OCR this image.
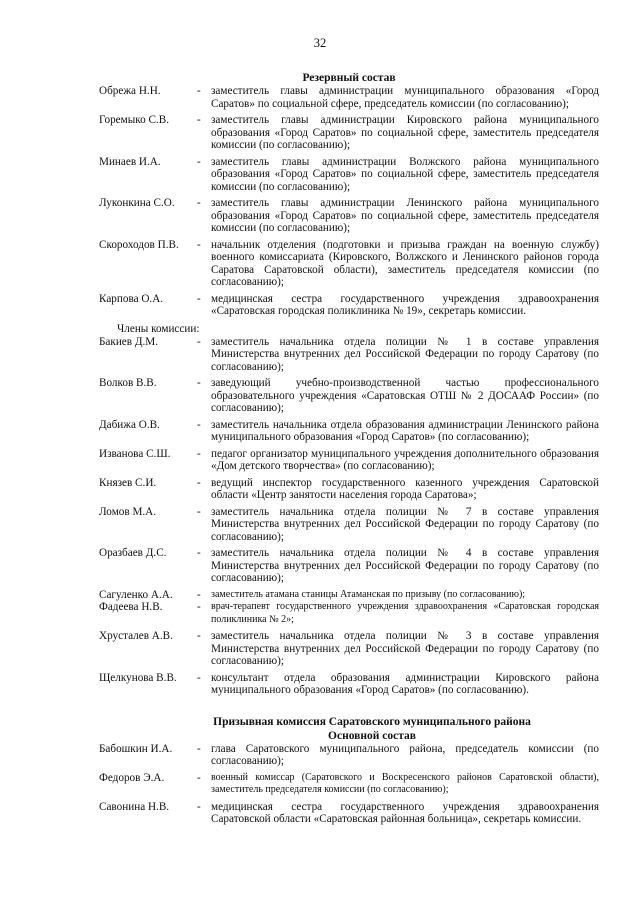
32
Резервный состав
Обрежа Н.Н.	- заместитель главы администрации муниципального образования «Город Саратов» по социальной сфере, председатель комиссии (по согласованию);
Горемыко С.В.	- заместитель главы администрации Кировского района муниципального образования «Город Саратов» по социальной сфере, заместитель председателя комиссии (по согласованию);
Минаев И.А.	- заместитель главы администрации Волжского района муниципального образования «Город Саратов» по социальной сфере, заместитель председателя комиссии (по согласованию);
Луконкина С.О.	- заместитель главы администрации Ленинского района муниципального образования «Город Саратов» по социальной сфере, заместитель председателя комиссии (по согласованию);
Скороходов П.В.	- начальник отделения (подготовки и призыва граждан на военную службу) военного комиссариата (Кировского, Волжского и Ленинского районов города Саратова Саратовской области), заместитель председателя комиссии (по согласованию);
Карпова О.А.	- медицинская сестра государственного учреждения здравоохранения «Саратовская городская поликлиника № 19», секретарь комиссии.
Члены комиссии:
Бакиев Д.М.	- заместитель начальника отдела полиции № 1 в составе управления Министерства внутренних дел Российской Федерации по городу Саратову (по согласованию);
Волков В.В.	- заведующий учебно-производственной частью профессионального образовательного учреждения «Саратовская ОТШ № 2 ДОСААФ России» (по согласованию);
Дабижа О.В.	- заместитель начальника отдела образования администрации Ленинского района муниципального образования «Город Саратов» (по согласованию);
Изванова С.Ш.	- педагог организатор муниципального учреждения дополнительного образования «Дом детского творчества» (по согласованию);
Князев С.И.	- ведущий инспектор государственного казенного учреждения Саратовской области «Центр занятости населения города Саратова»;
Ломов М.А.	- заместитель начальника отдела полиции № 7 в составе управления Министерства внутренних дел Российской Федерации по городу Саратову (по согласованию);
Оразбаев Д.С.	- заместитель начальника отдела полиции № 4 в составе управления Министерства внутренних дел Российской Федерации по городу Саратову (по согласованию);
Сагуленко А.А.	-	заместитель атамана станицы Атаманская по призыву (по согласованию);
Фадеева Н.В.	-	врач-терапевт государственного учреждения здравоохранения «Саратовская городская поликлиника № 2»;
Хрусталев А.В.	- заместитель начальника отдела полиции № 3 в составе управления Министерства внутренних дел Российской Федерации по городу Саратову (по согласованию);
Щелкунова В.В.	- консультант отдела образования администрации Кировского района муниципального образования «Город Саратов» (по согласованию).
Призывная комиссия Саратовского муниципального района
Основной состав
Бабошкин И.А.	- глава Саратовского муниципального района, председатель комиссии (по согласованию);
Федоров Э.А.	-	военный комиссар (Саратовского и Воскресенского районов Саратовской области), заместитель председателя комиссии (по согласованию);
Савонина Н.В.	- медицинская сестра государственного учреждения здравоохранения Саратовской области «Саратовская районная больница», секретарь комиссии.
